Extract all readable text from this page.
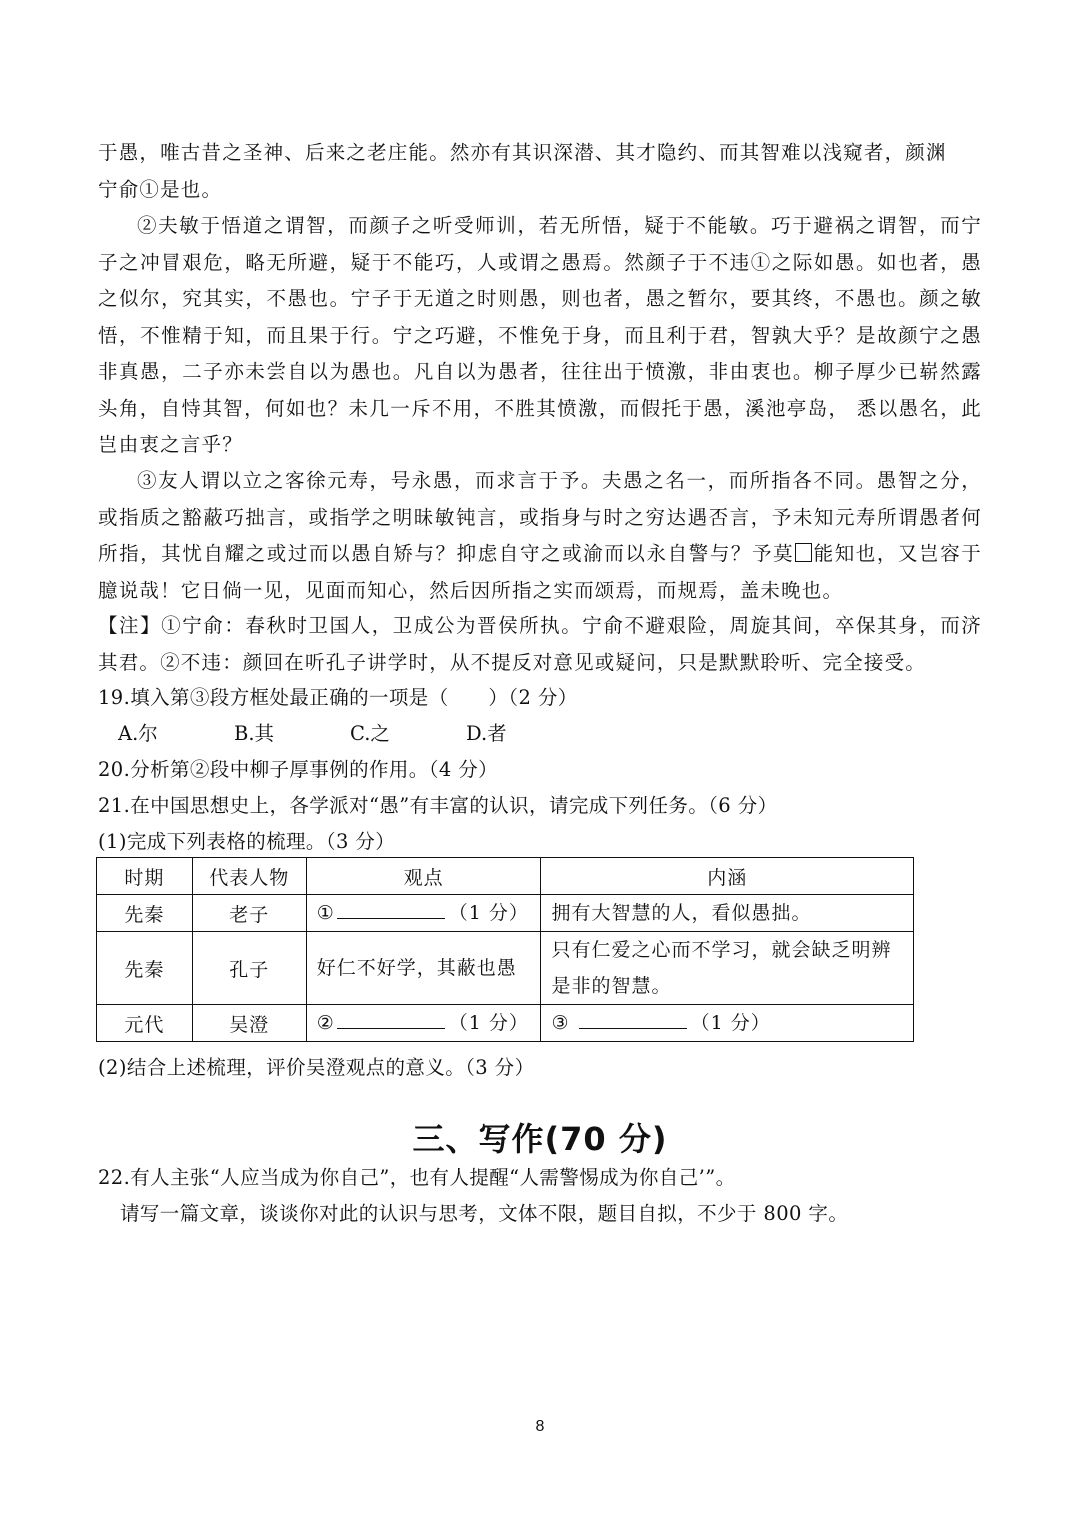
于愚，唯古昔之圣神、后来之老庄能。然亦有其识深潜、其才隐约、而其智难以浅窥者，颜渊
宁俞①是也。
②夫敏于悟道之谓智，而颜子之听受师训，若无所悟，疑于不能敏。巧于避祸之谓智，而宁子之冲冒艰危，略无所避，疑于不能巧，人或谓之愚焉。然颜子于不违①之际如愚。如也者，愚之似尔，究其实，不愚也。宁子于无道之时则愚，则也者，愚之暂尔，要其终，不愚也。颜之敏悟，不惟精于知，而且果于行。宁之巧避，不惟免于身，而且利于君，智孰大乎？是故颜宁之愚非真愚，二子亦未尝自以为愚也。凡自以为愚者，往往出于愤激，非由衷也。柳子厚少已崭然露头角，自恃其智，何如也？未几一斥不用，不胜其愤激，而假托于愚，溪池亭岛， 悉以愚名，此岂由衷之言乎？
③友人谓以立之客徐元寿，号永愚，而求言于予。夫愚之名一，而所指各不同。愚智之分，或指质之豁蔽巧拙言，或指学之明昧敏钝言，或指身与时之穷达遇否言，予未知元寿所谓愚者何所指，其忧自耀之或过而以愚自矫与？抑虑自守之或渝而以永自警与？予莫 能知也，又岂容于臆说哉！它日倘一见，见面而知心，然后因所指之实而颂焉，而规焉，盖未晚也。
【注】①宁俞：春秋时卫国人，卫成公为晋侯所执。宁俞不避艰险，周旋其间，卒保其身，而济其君。②不违：颜回在听孔子讲学时，从不提反对意见或疑问，只是默默聆听、完全接受。
19.填入第③段方框处最正确的一项是（　　）（2 分）
A.尔	B.其	C.之	D.者
20.分析第②段中柳子厚事例的作用。（4 分）
21.在中国思想史上，各学派对“愚”有丰富的认识，请完成下列任务。（6 分）
(1)完成下列表格的梳理。（3 分）
时期	代表人物	观点	内涵
先秦	老子	① （1 分）	拥有大智慧的人，看似愚拙。
先秦	孔子	好仁不好学，其蔽也愚	只有仁爱之心而不学习，就会缺乏明辨是非的智慧。
元代	吴澄	② （1 分）	③ （1 分）
(2)结合上述梳理，评价吴澄观点的意义。（3 分）
三、写作(70 分)
22.有人主张“人应当成为你自己”，也有人提醒“人需警惕成为你自己’”。
请写一篇文章，谈谈你对此的认识与思考，文体不限，题目自拟，不少于 800 字。
8
